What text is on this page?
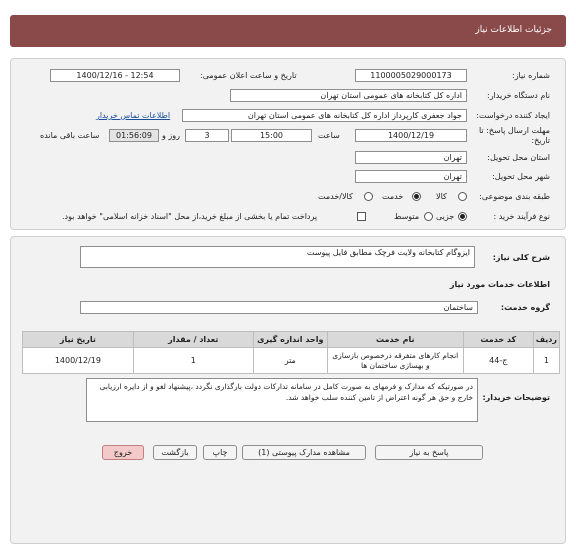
جزئیات اطلاعات نیاز
شماره نیاز:
1100005029000173
تاریخ و ساعت اعلان عمومی:
1400/12/16 - 12:54
نام دستگاه خریدار:
اداره کل کتابخانه های عمومی استان تهران
ایجاد کننده درخواست:
جواد جعفری کارپرداز اداره کل کتابخانه های عمومی استان تهران
اطلاعات تماس خریدار
مهلت ارسال پاسخ: تا تاریخ:
1400/12/19
ساعت
15:00
3
روز و
01:56:09
ساعت باقی مانده
استان محل تحویل:
تهران
شهر محل تحویل:
تهران
طبقه بندی موضوعی:
کالا
خدمت
کالا/خدمت
نوع فرآیند خرید :
جزیی
متوسط
پرداخت تمام یا بخشی از مبلغ خرید،از محل "اسناد خزانه اسلامی" خواهد بود.
شرح کلی نیاز:
ایزوگام کتابخانه ولایت فرچک مطابق فایل پیوست
اطلاعات خدمات مورد نیاز
گروه خدمت:
ساختمان
ردیف	کد خدمت	نام خدمت	واحد اندازه گیری	تعداد / مقدار	تاریخ نیاز
1	ج-44	انجام کارهای متفرقه درخصوص بازسازی و بهسازی ساختمان ها	متر	1	1400/12/19
توضیحات خریدار:
در صورتیکه که مدارک و فرمهای به صورت کامل در سامانه تدارکات دولت بارگذاری نگردد ،پیشنهاد لغو و از دایره ارزیابی خارج و حق هر گونه اعتراض از تامین کننده سلب خواهد شد.
پاسخ به نیاز
مشاهده مدارک پیوستی (1)
چاپ
بازگشت
خروج
